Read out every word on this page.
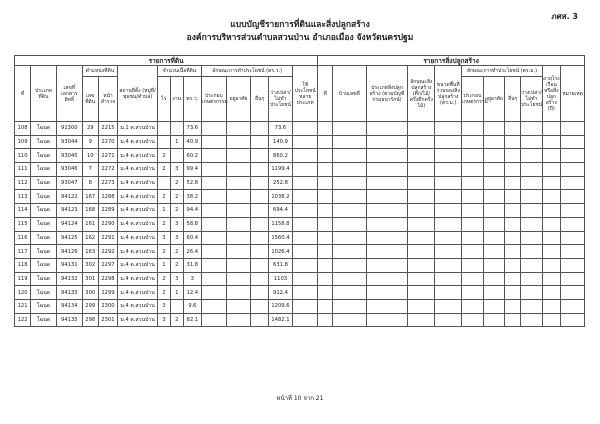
ภศส. 3
แบบบัญชีรายการที่ดินและสิ่งปลูกสร้าง
องค์การบริหารส่วนตำบลสวนป่าน อำเภอเมือง จังหวัดนครปฐม
รายการที่ดิน														รายการสิ่งปลูกสร้าง										
ที่	ประเภทที่ดิน	เลขที่เอกสารสิทธิ์	ตำแหน่งที่ดิน		สถานที่ตั้ง (หมู่ที่/ชุมชน/ตำบล)	จำนวนเนื้อที่ดิน			ลักษณะการทำประโยชน์ (ตร.ว.)				ใช้ประโยชน์หลายประเภท	ที่	บ้านเลขที่	ประเภทสิ่งปลูกสร้าง (ตามบัญชีกรมธนารักษ์)	ลักษณะสิ่งปลูกสร้าง (ตึก/ไม้/ครึ่งตึกครึ่งไม้)	ขนาดพื้นที่รวมของสิ่งปลูกสร้าง (ตร.ม.)	ลักษณะการทำประโยชน์ (ตร.ม.)				อายุโรงเรือนหรือสิ่งปลูกสร้าง (ปี)	หมายเหตุ
			เลขที่ดิน	หน้าสำรวจ		ไร่	งาน	ตร.ว.	ประกอบเกษตรกรรม	อยู่อาศัย	อื่นๆ	ว่างเปล่า/ไม่ทำประโยชน์							ประกอบเกษตรกรรม	อยู่อาศัย	อื่นๆ	ว่างเปล่า/ไม่ทำประโยชน์		
108	โฉนด	91300	29	2215	ม.1 ต.สวนป่าน			73.6				73.6												
109	โฉนด	93044	9	2270	ม.4 ต.สวนป่าน		1	40.9				140.9												
110	โฉนด	93045	10	2271	ม.4 ต.สวนป่าน	2		60.2				860.2												
111	โฉนด	93046	7	2272	ม.4 ต.สวนป่าน	2	3	99.4				1199.4												
112	โฉนด	93047	8	2273	ม.4 ต.สวนป่าน		2	52.8				252.8												
113	โฉนด	94122	167	2288	ม.4 ต.สวนป่าน	2	2	38.2				1038.2												
114	โฉนด	94123	168	2289	ม.4 ต.สวนป่าน	1	2	94.4				694.4												
115	โฉนด	94124	161	2290	ม.4 ต.สวนป่าน	2	3	58.8				1158.8												
116	โฉนด	94125	162	2291	ม.4 ต.สวนป่าน	3	3	60.4				1560.4												
117	โฉนด	94126	163	2292	ม.4 ต.สวนป่าน	2	2	26.4				1026.4												
118	โฉนด	94131	302	2297	ม.4 ต.สวนป่าน	1	2	31.8				631.8												
119	โฉนด	94132	301	2298	ม.4 ต.สวนป่าน	2	3	3				1103												
120	โฉนด	94133	300	2299	ม.4 ต.สวนป่าน	2	1	12.4				912.4												
121	โฉนด	94134	299	2300	ม.4 ต.สวนป่าน	3		9.6				1209.6												
122	โฉนด	94135	298	2301	ม.4 ต.สวนป่าน	3	2	82.1				1482.1												
หน้าที่ 10 จาก 21
